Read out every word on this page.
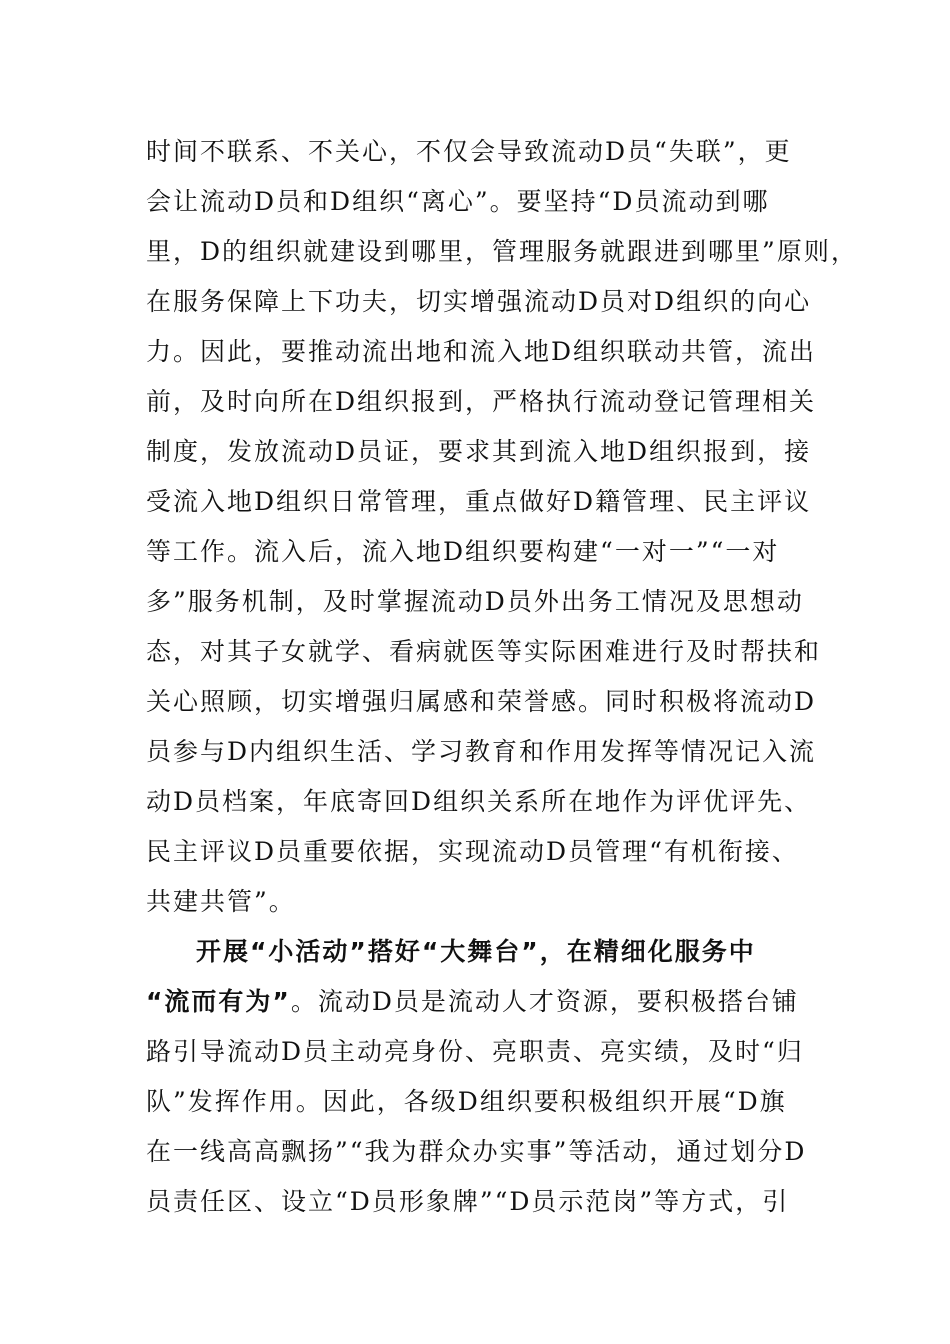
时间不联系、不关心，不仅会导致流动D员“失联”，更
会让流动D员和D组织“离心”。要坚持“D员流动到哪
里，D的组织就建设到哪里，管理服务就跟进到哪里”原则，
在服务保障上下功夫，切实增强流动D员对D组织的向心
力。因此，要推动流出地和流入地D组织联动共管，流出
前，及时向所在D组织报到，严格执行流动登记管理相关
制度，发放流动D员证，要求其到流入地D组织报到，接
受流入地D组织日常管理，重点做好D籍管理、民主评议
等工作。流入后，流入地D组织要构建“一对一”“一对
多”服务机制，及时掌握流动D员外出务工情况及思想动
态，对其子女就学、看病就医等实际困难进行及时帮扶和
关心照顾，切实增强归属感和荣誉感。同时积极将流动D
员参与D内组织生活、学习教育和作用发挥等情况记入流
动D员档案，年底寄回D组织关系所在地作为评优评先、
民主评议D员重要依据，实现流动D员管理“有机衔接、
共建共管”。
开展“小活动”搭好“大舞台”，在精细化服务中
“流而有为”。流动D员是流动人才资源，要积极搭台铺
路引导流动D员主动亮身份、亮职责、亮实绩，及时“归
队”发挥作用。因此，各级D组织要积极组织开展“D旗
在一线高高飘扬”“我为群众办实事”等活动，通过划分D
员责任区、设立“D员形象牌”“D员示范岗”等方式，引
